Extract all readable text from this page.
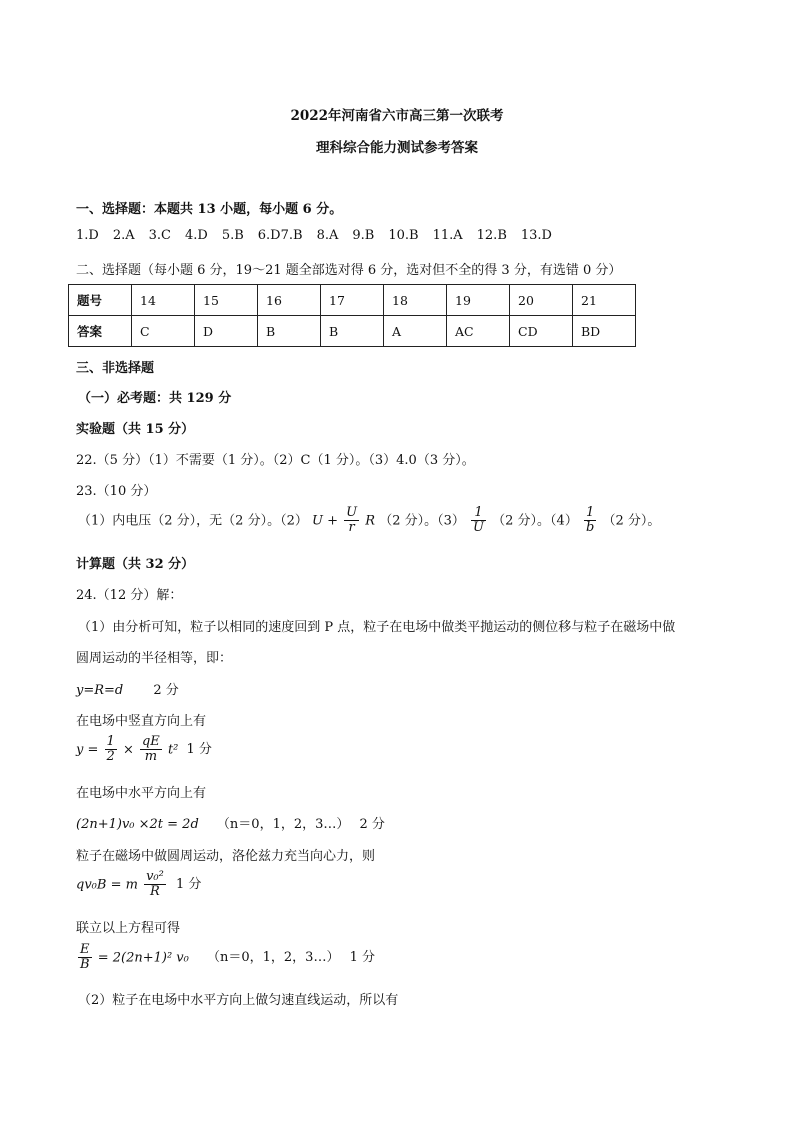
2022年河南省六市高三第一次联考
理科综合能力测试参考答案
一、选择题：本题共 13 小题，每小题 6 分。
1.D 2.A 3.C 4.D 5.B 6.D7.B 8.A 9.B 10.B 11.A 12.B 13.D
二、选择题（每小题 6 分，19～21 题全部选对得 6 分，选对但不全的得 3 分，有选错 0 分）
题号	14	15	16	17	18	19	20	21
答案	C	D	B	B	A	AC	CD	BD
三、非选择题
（一）必考题：共 129 分
实验题（共 15 分）
22.（5 分）（1）不需要（1 分）。（2）C（1 分）。（3）4.0（3 分）。
23.（10 分）
（1）内电压（2 分），无（2 分）。（2） $U + \frac{U}{r}$ R （2 分）。$(3) \frac{1}{U} (2$ 分）。$(4) \frac{1}{b} (2$ 分）。
计算题（共 32 分）
24.（12 分）解：
（1）由分析可知，粒子以相同的速度回到 P 点，粒子在电场中做类平抛运动的侧位移与粒子在磁场中做
圆周运动的半径相等，即：
y=R=d 2 分
在电场中竖直方向上有
$y = \frac{1}{2} \times \frac{qE}{m} t^2$ 1 分
在电场中水平方向上有
(2n+1)v₀ ×2t = 2d （n＝0，1，2，3…） 2 分
粒子在磁场中做圆周运动，洛伦兹力充当向心力，则
qv₀B = m $\frac{\text{v₀²}}{R} 1$ 分
联立以上方程可得
$\frac{E}{B} = 2(2n+1)^2$ v₀ （n＝0，1，2，3…） 1 分
（2）粒子在电场中水平方向上做匀速直线运动，所以有
